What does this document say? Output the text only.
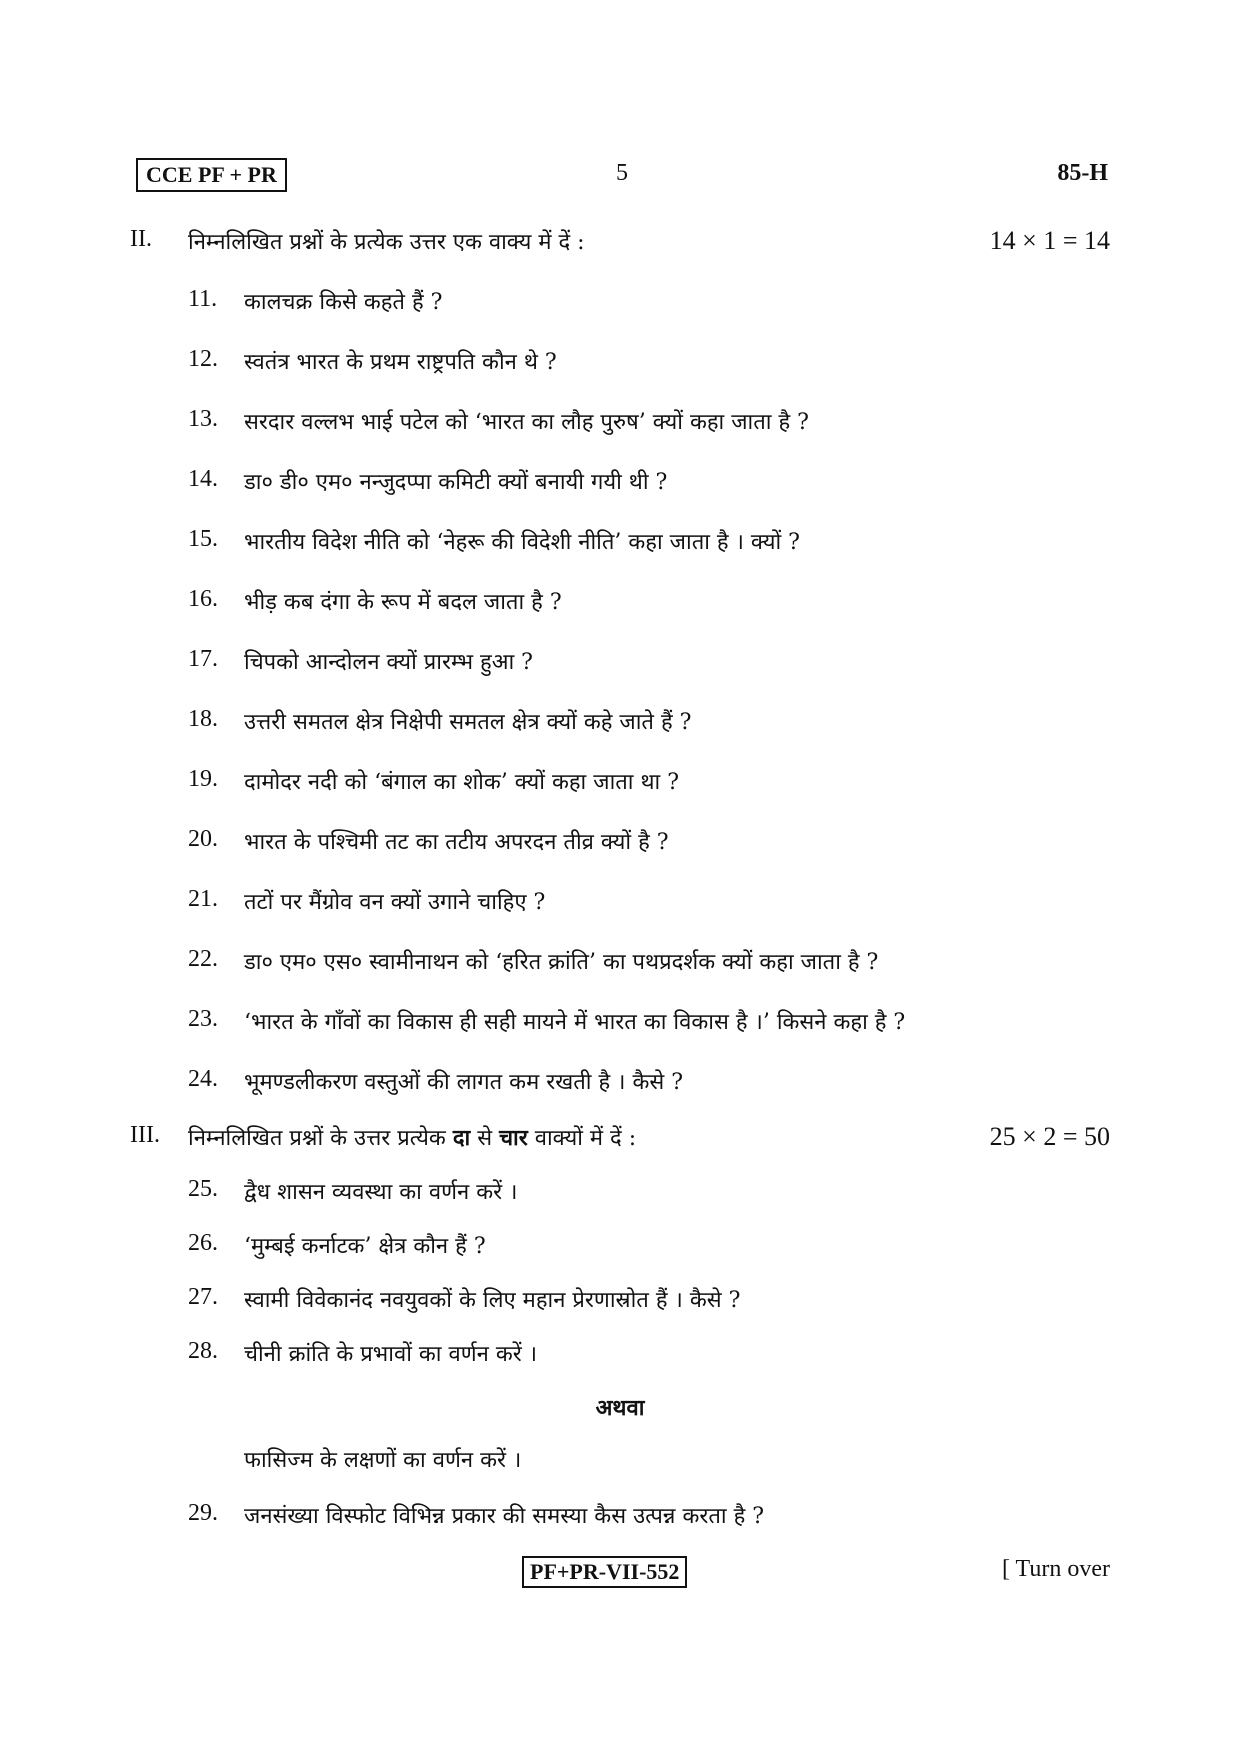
CCE PF + PR	5	85-H
II. निम्नलिखित प्रश्नों के प्रत्येक उत्तर एक वाक्य में दें :	14 × 1 = 14
11. कालचक्र किसे कहते हैं ?
12. स्वतंत्र भारत के प्रथम राष्ट्रपति कौन थे ?
13. सरदार वल्लभ भाई पटेल को ‘भारत का लौह पुरुष’ क्यों कहा जाता है ?
14. डा० डी० एम० नन्जुदप्पा कमिटी क्यों बनायी गयी थी ?
15. भारतीय विदेश नीति को ‘नेहरू की विदेशी नीति’ कहा जाता है । क्यों ?
16. भीड़ कब दंगा के रूप में बदल जाता है ?
17. चिपको आन्दोलन क्यों प्रारम्भ हुआ ?
18. उत्तरी समतल क्षेत्र निक्षेपी समतल क्षेत्र क्यों कहे जाते हैं ?
19. दामोदर नदी को ‘बंगाल का शोक’ क्यों कहा जाता था ?
20. भारत के पश्चिमी तट का तटीय अपरदन तीव्र क्यों है ?
21. तटों पर मैंग्रोव वन क्यों उगाने चाहिए ?
22. डा० एम० एस० स्वामीनाथन को ‘हरित क्रांति’ का पथप्रदर्शक क्यों कहा जाता है ?
23. ‘भारत के गाँवों का विकास ही सही मायने में भारत का विकास है ।’ किसने कहा है ?
24. भूमण्डलीकरण वस्तुओं की लागत कम रखती है । कैसे ?
III. निम्नलिखित प्रश्नों के उत्तर प्रत्येक दा से चार वाक्यों में दें :	25 × 2 = 50
25. द्वैध शासन व्यवस्था का वर्णन करें ।
26. ‘मुम्बई कर्नाटक’ क्षेत्र कौन हैं ?
27. स्वामी विवेकानंद नवयुवकों के लिए महान प्रेरणास्रोत हैं । कैसे ?
28. चीनी क्रांति के प्रभावों का वर्णन करें ।
अथवा
फासिज्म के लक्षणों का वर्णन करें ।
29. जनसंख्या विस्फोट विभिन्न प्रकार की समस्या कैस उत्पन्न करता है ?
PF+PR-VII-552	[ Turn over
